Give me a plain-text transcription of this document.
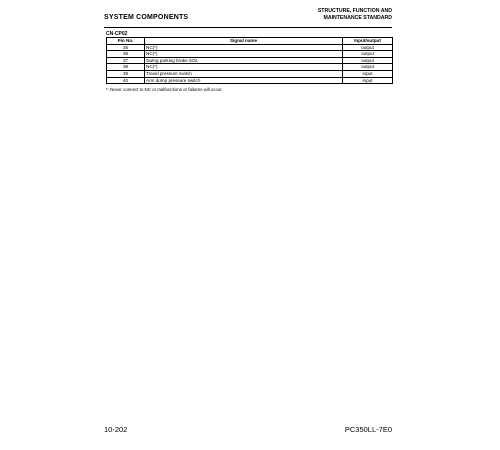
SYSTEM COMPONENTS
STRUCTURE, FUNCTION AND
MAINTENANCE STANDARD
CN-CP02
Pin No.	Signal name	Input/output
35	NC(*)	output
36	NC(*)	output
37	Swing parking brake SOL	output
38	NC(*)	output
39	Travel pressure switch	input
40	Arm dump pressure switch	input
*: Never connect to NC or malfunctions or failures will occur.
10-202	PC350LL-7E0
